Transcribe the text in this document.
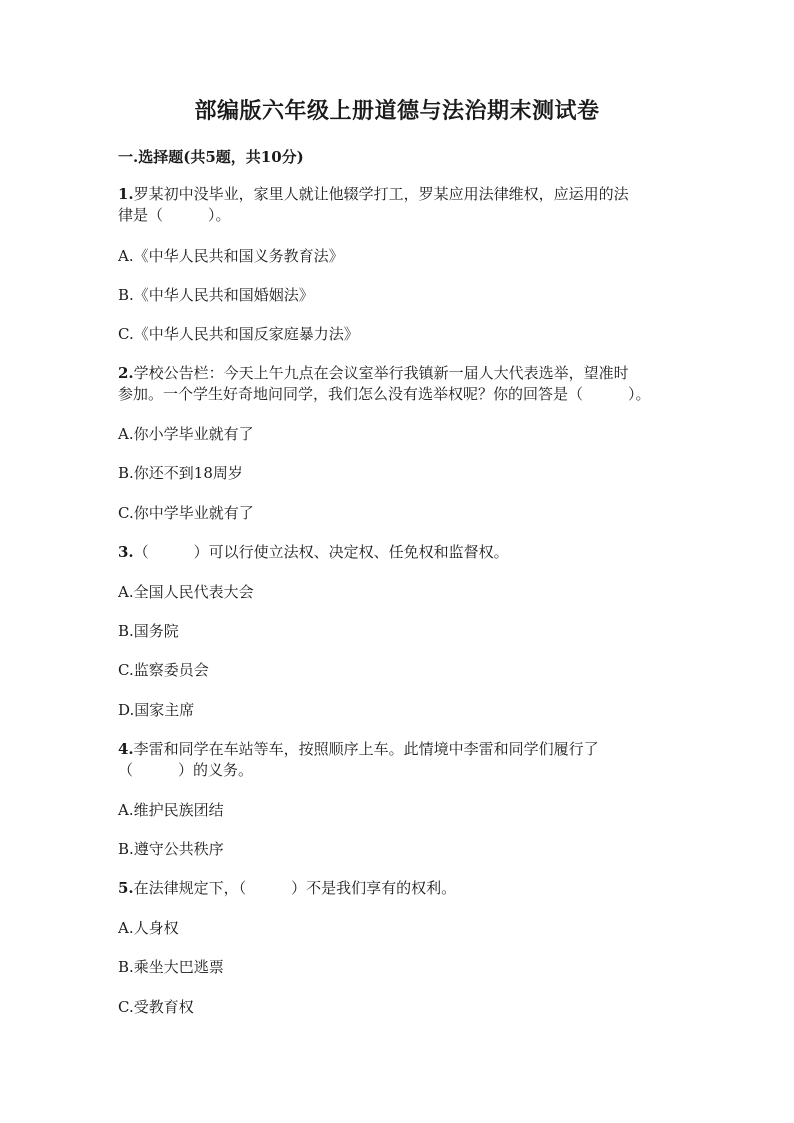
部编版六年级上册道德与法治期末测试卷
一.选择题(共5题，共10分)
1.罗某初中没毕业，家里人就让他辍学打工，罗某应用法律维权，应运用的法
律是（　　　）。
A.《中华人民共和国义务教育法》
B.《中华人民共和国婚姻法》
C.《中华人民共和国反家庭暴力法》
2.学校公告栏：今天上午九点在会议室举行我镇新一届人大代表选举，望准时
参加。一个学生好奇地问同学，我们怎么没有选举权呢？你的回答是（　　　）。
A.你小学毕业就有了
B.你还不到18周岁
C.你中学毕业就有了
3.（　　　）可以行使立法权、决定权、任免权和监督权。
A.全国人民代表大会
B.国务院
C.监察委员会
D.国家主席
4.李雷和同学在车站等车，按照顺序上车。此情境中李雷和同学们履行了
（　　　）的义务。
A.维护民族团结
B.遵守公共秩序
5.在法律规定下，（　　　）不是我们享有的权利。
A.人身权
B.乘坐大巴逃票
C.受教育权
